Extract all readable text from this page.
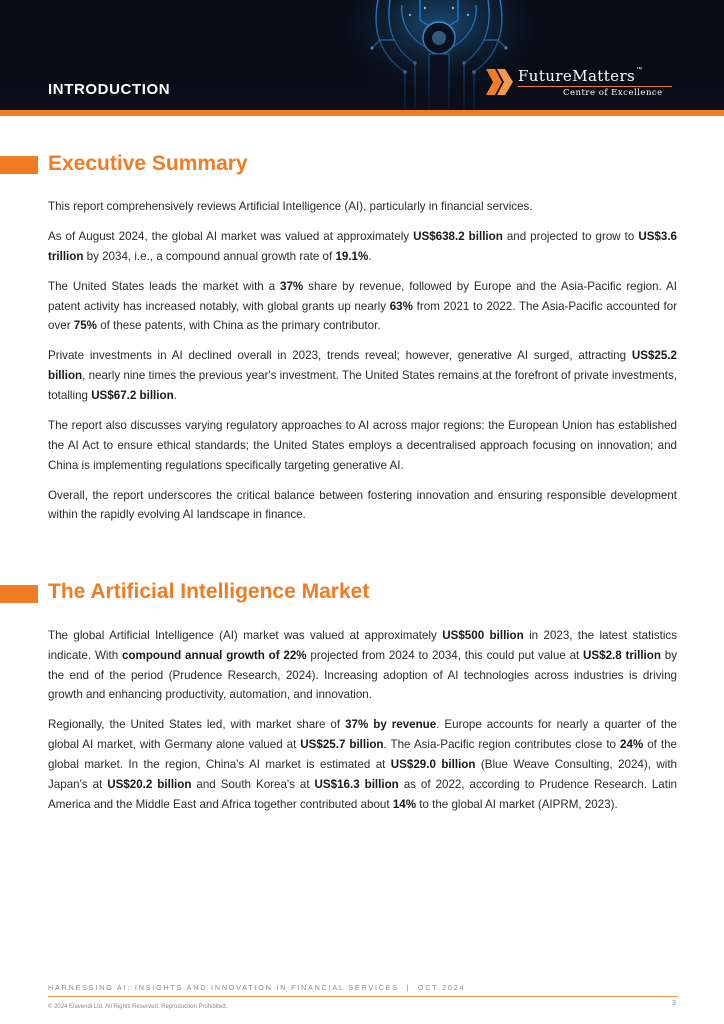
INTRODUCTION
FutureMatters™
Centre of Excellence
Executive Summary

This report comprehensively reviews Artificial Intelligence (AI), particularly in financial services.

As of August 2024, the global AI market was valued at approximately US$638.2 billion and projected to grow to US$3.6 trillion by 2034, i.e., a compound annual growth rate of 19.1%.

The United States leads the market with a 37% share by revenue, followed by Europe and the Asia-Pacific region. AI patent activity has increased notably, with global grants up nearly 63% from 2021 to 2022. The Asia-Pacific accounted for over 75% of these patents, with China as the primary contributor.

Private investments in AI declined overall in 2023, trends reveal; however, generative AI surged, attracting US$25.2 billion, nearly nine times the previous year's investment. The United States remains at the forefront of private investments, totalling US$67.2 billion.

The report also discusses varying regulatory approaches to AI across major regions: the European Union has established the AI Act to ensure ethical standards; the United States employs a decentralised approach focusing on innovation; and China is implementing regulations specifically targeting generative AI.

Overall, the report underscores the critical balance between fostering innovation and ensuring responsible development within the rapidly evolving AI landscape in finance.

The Artificial Intelligence Market

The global Artificial Intelligence (AI) market was valued at approximately US$500 billion in 2023, the latest statistics indicate. With compound annual growth of 22% projected from 2024 to 2034, this could put value at US$2.8 trillion by the end of the period (Prudence Research, 2024). Increasing adoption of AI technologies across industries is driving growth and enhancing productivity, automation, and innovation.

Regionally, the United States led, with market share of 37% by revenue. Europe accounts for nearly a quarter of the global AI market, with Germany alone valued at US$25.7 billion. The Asia-Pacific region contributes close to 24% of the global market. In the region, China's AI market is estimated at US$29.0 billion (Blue Weave Consulting, 2024), with Japan's at US$20.2 billion and South Korea's at US$16.3 billion as of 2022, according to Prudence Research. Latin America and the Middle East and Africa together contributed about 14% to the global AI market (AIPRM, 2023).

HARNESSING AI: INSIGHTS AND INNOVATION IN FINANCIAL SERVICES | OCT 2024
© 2024 Elavendi Ltd. All Rights Reserved. Reproduction Prohibited.	3
